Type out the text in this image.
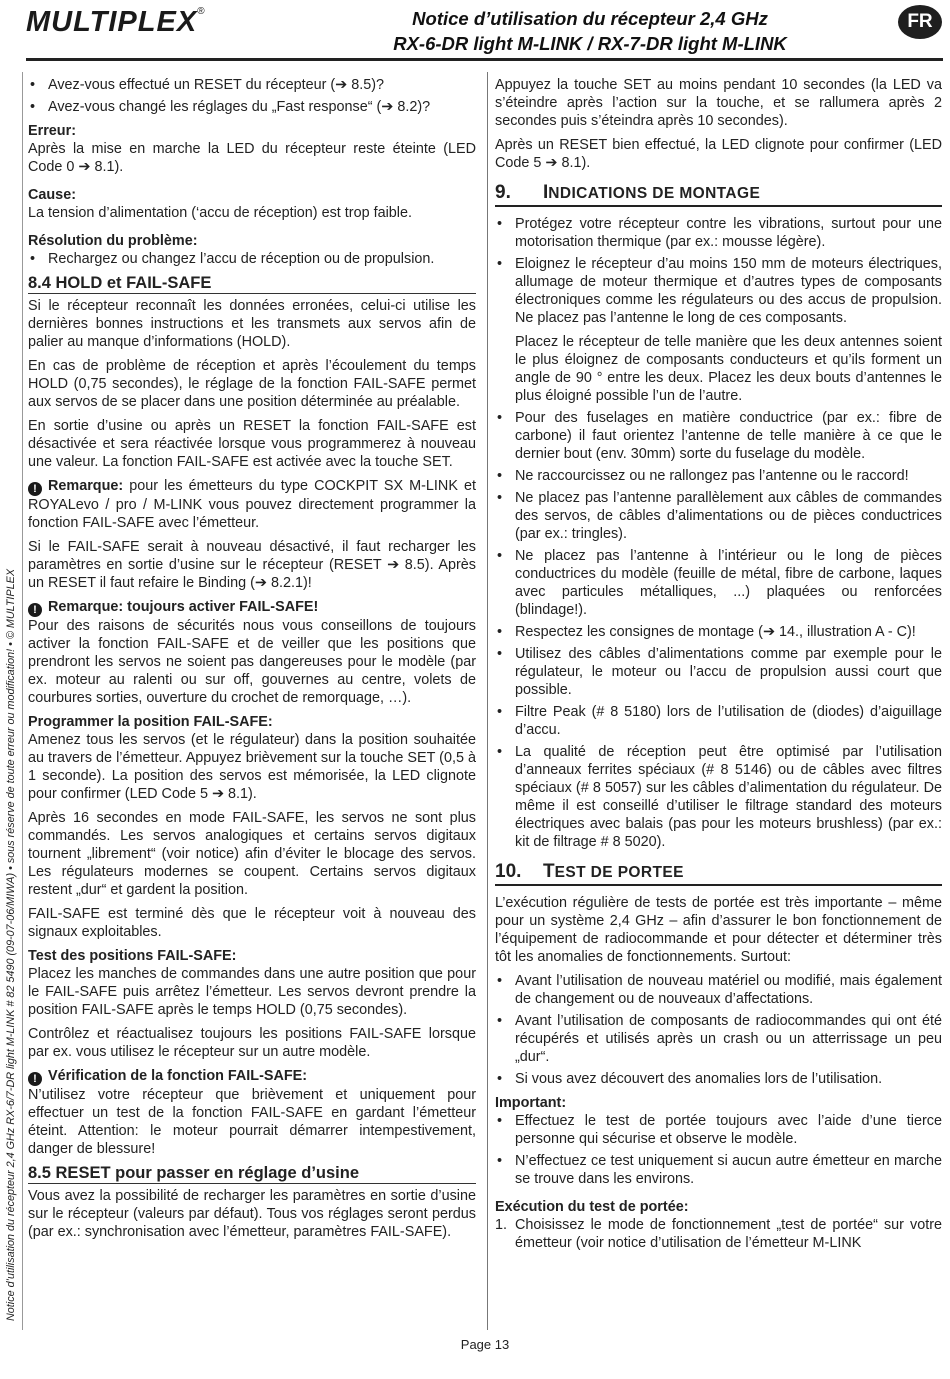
MULTIPLEX®	Notice d’utilisation du récepteur 2,4 GHz
RX-6-DR light M-LINK / RX-7-DR light M-LINK
FR
Notice d’utilisation du récepteur 2,4 GHz RX-6/7-DR light M-LINK # 82 5490 (09-07-06/MIWA) • sous réserve de toute erreur ou modification! • © MULTIPLEX
• Avez-vous effectué un RESET du récepteur (➔ 8.5)?
• Avez-vous changé les réglages du „Fast response“ (➔ 8.2)?

Erreur:

Après la mise en marche la LED du récepteur reste éteinte (LED Code 0 ➔ 8.1).

Cause:

La tension d’alimentation (‘accu de réception) est trop faible.

Résolution du problème:

• Rechargez ou changez l’accu de réception ou de propulsion.
8.4 HOLD et FAIL-SAFE

Si le récepteur reconnaît les données erronées, celui-ci utilise les dernières bonnes instructions et les transmets aux servos afin de palier au manque d’informations (HOLD).

En cas de problème de réception et après l’écoulement du temps HOLD (0,75 secondes), le réglage de la fonction FAIL-SAFE permet aux servos de se placer dans une position déterminée au préalable.

En sortie d’usine ou après un RESET la fonction FAIL-SAFE est désactivée et sera réactivée lorsque vous programmerez à nouveau une valeur. La fonction FAIL-SAFE est activée avec la touche SET.

! Remarque: pour les émetteurs du type COCKPIT SX M-LINK et ROYALevo / pro / M-LINK vous pouvez directement programmer la fonction FAIL-SAFE avec l’émetteur.

Si le FAIL-SAFE serait à nouveau désactivé, il faut recharger les paramètres en sortie d’usine sur le récepteur (RESET ➔ 8.5). Après un RESET il faut refaire le Binding (➔ 8.2.1)!

! Remarque: toujours activer FAIL-SAFE!

Pour des raisons de sécurités nous vous conseillons de toujours activer la fonction FAIL-SAFE et de veiller que les positions que prendront les servos ne soient pas dangereuses pour le modèle (par ex. moteur au ralenti ou sur off, gouvernes au centre, volets de courbures sorties, ouverture du crochet de remorquage, …).

Programmer la position FAIL-SAFE:

Amenez tous les servos (et le régulateur) dans la position souhaitée au travers de l’émetteur. Appuyez brièvement sur la touche SET (0,5 à 1 seconde). La position des servos est mémorisée, la LED clignote pour confirmer (LED Code 5 ➔ 8.1).

Après 16 secondes en mode FAIL-SAFE, les servos ne sont plus commandés. Les servos analogiques et certains servos digitaux tournent „librement“ (voir notice) afin d’éviter le blocage des servos. Les régulateurs modernes se coupent. Certains servos digitaux restent „dur“ et gardent la position.

FAIL-SAFE est terminé dès que le récepteur voit à nouveau des signaux exploitables.

Test des positions FAIL-SAFE:

Placez les manches de commandes dans une autre position que pour le FAIL-SAFE puis arrêtez l’émetteur. Les servos devront prendre la position FAIL-SAFE après le temps HOLD (0,75 secondes).

Contrôlez et réactualisez toujours les positions FAIL-SAFE lorsque par ex. vous utilisez le récepteur sur un autre modèle.

! Vérification de la fonction FAIL-SAFE:

N’utilisez votre récepteur que brièvement et uniquement pour effectuer un test de la fonction FAIL-SAFE en gardant l’émetteur éteint. Attention: le moteur pourrait démarrer intempestivement, danger de blessure!

8.5 RESET pour passer en réglage d’usine

Vous avez la possibilité de recharger les paramètres en sortie d’usine sur le récepteur (valeurs par défaut). Tous vos réglages seront perdus (par ex.: synchronisation avec l’émetteur, paramètres FAIL-SAFE).

Appuyez la touche SET au moins pendant 10 secondes (la LED va s’éteindre après l’action sur la touche, et se rallumera après 2 secondes puis s’éteindra après 10 secondes).

Après un RESET bien effectué, la LED clignote pour confirmer (LED Code 5 ➔ 8.1).

9. INDICATIONS DE MONTAGE
• Protégez votre récepteur contre les vibrations, surtout pour une motorisation thermique (par ex.: mousse légère).
• Eloignez le récepteur d’au moins 150 mm de moteurs électriques, allumage de moteur thermique et d’autres types de composants électroniques comme les régulateurs ou des accus de propulsion. Ne placez pas l’antenne le long de ces composants.
Placez le récepteur de telle manière que les deux antennes soient le plus éloignez de composants conducteurs et qu’ils forment un angle de 90 ° entre les deux. Placez les deux bouts d’antennes le plus éloigné possible l’un de l’autre.
• Pour des fuselages en matière conductrice (par ex.: fibre de carbone) il faut orientez l’antenne de telle manière à ce que le dernier bout (env. 30mm) sorte du fuselage du modèle.
• Ne raccourcissez ou ne rallongez pas l’antenne ou le raccord!
• Ne placez pas l’antenne parallèlement aux câbles de commandes des servos, de câbles d’alimentations ou de pièces conductrices (par ex.: tringles).
• Ne placez pas l’antenne à l’intérieur ou le long de pièces conductrices du modèle (feuille de métal, fibre de carbone, laques avec particules métalliques, ...) plaquées ou renforcées (blindage!).
• Respectez les consignes de montage (➔ 14., illustration A - C)!
• Utilisez des câbles d’alimentations comme par exemple pour le régulateur, le moteur ou l’accu de propulsion aussi court que possible.
• Filtre Peak (# 8 5180) lors de l’utilisation de (diodes) d’aiguillage d’accu.
• La qualité de réception peut être optimisé par l’utilisation d’anneaux ferrites spéciaux (# 8 5146) ou de câbles avec filtres spéciaux (# 8 5057) sur les câbles d’alimentation du régulateur. De même il est conseillé d’utiliser le filtrage standard des moteurs électriques avec balais (pas pour les moteurs brushless) (par ex.: kit de filtrage # 8 5020).
10. TEST DE PORTEE

L’exécution régulière de tests de portée est très importante – même pour un système 2,4 GHz – afin d’assurer le bon fonctionnement de l’équipement de radiocommande et pour détecter et déterminer très tôt les anomalies de fonctionnements. Surtout:

• Avant l’utilisation de nouveau matériel ou modifié, mais également de changement ou de nouveaux d’affectations.
• Avant l’utilisation de composants de radiocommandes qui ont été récupérés et utilisés après un crash ou un atterrissage un peu „dur“.
• Si vous avez découvert des anomalies lors de l’utilisation.

Important:

• Effectuez le test de portée toujours avec l’aide d’une tierce personne qui sécurise et observe le modèle.
• N’effectuez ce test uniquement si aucun autre émetteur en marche se trouve dans les environs.

Exécution du test de portée:

1. Choisissez le mode de fonctionnement „test de portée“ sur votre émetteur (voir notice d’utilisation de l’émetteur M-LINK
Page 13
